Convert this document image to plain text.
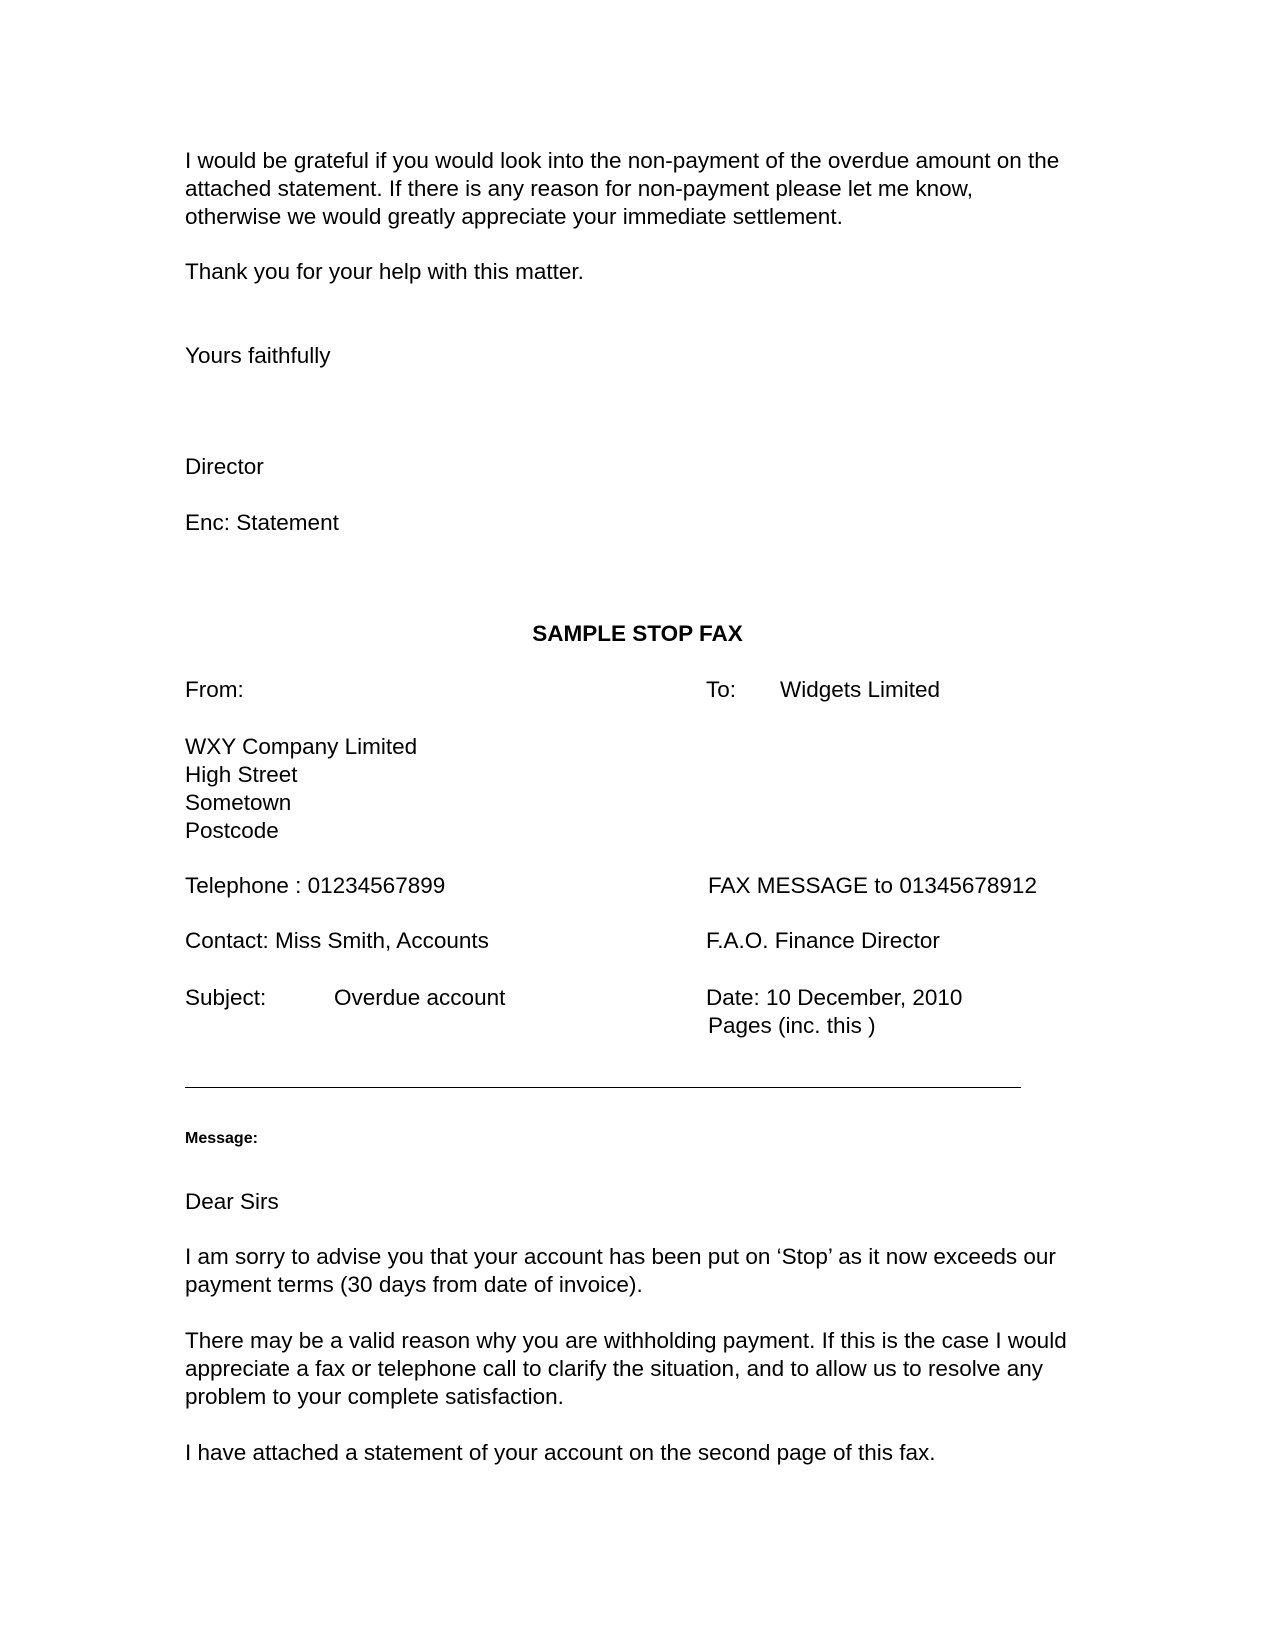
I would be grateful if you would look into the non-payment of the overdue amount on the

attached statement. If there is any reason for non-payment please let me know,

otherwise we would greatly appreciate your immediate settlement.

Thank you for your help with this matter.

Yours faithfully

Director

Enc: Statement

SAMPLE STOP FAX

From:	To: Widgets Limited

WXY Company Limited

High Street

Sometown

Postcode

Telephone : 01234567899	FAX MESSAGE to 01345678912

Contact: Miss Smith, Accounts	F.A.O. Finance Director

Subject:	Overdue account	Date: 10 December, 2010

Pages (inc. this )

Message:

Dear Sirs

I am sorry to advise you that your account has been put on ‘Stop’ as it now exceeds our

payment terms (30 days from date of invoice).

There may be a valid reason why you are withholding payment. If this is the case I would

appreciate a fax or telephone call to clarify the situation, and to allow us to resolve any

problem to your complete satisfaction.

I have attached a statement of your account on the second page of this fax.
